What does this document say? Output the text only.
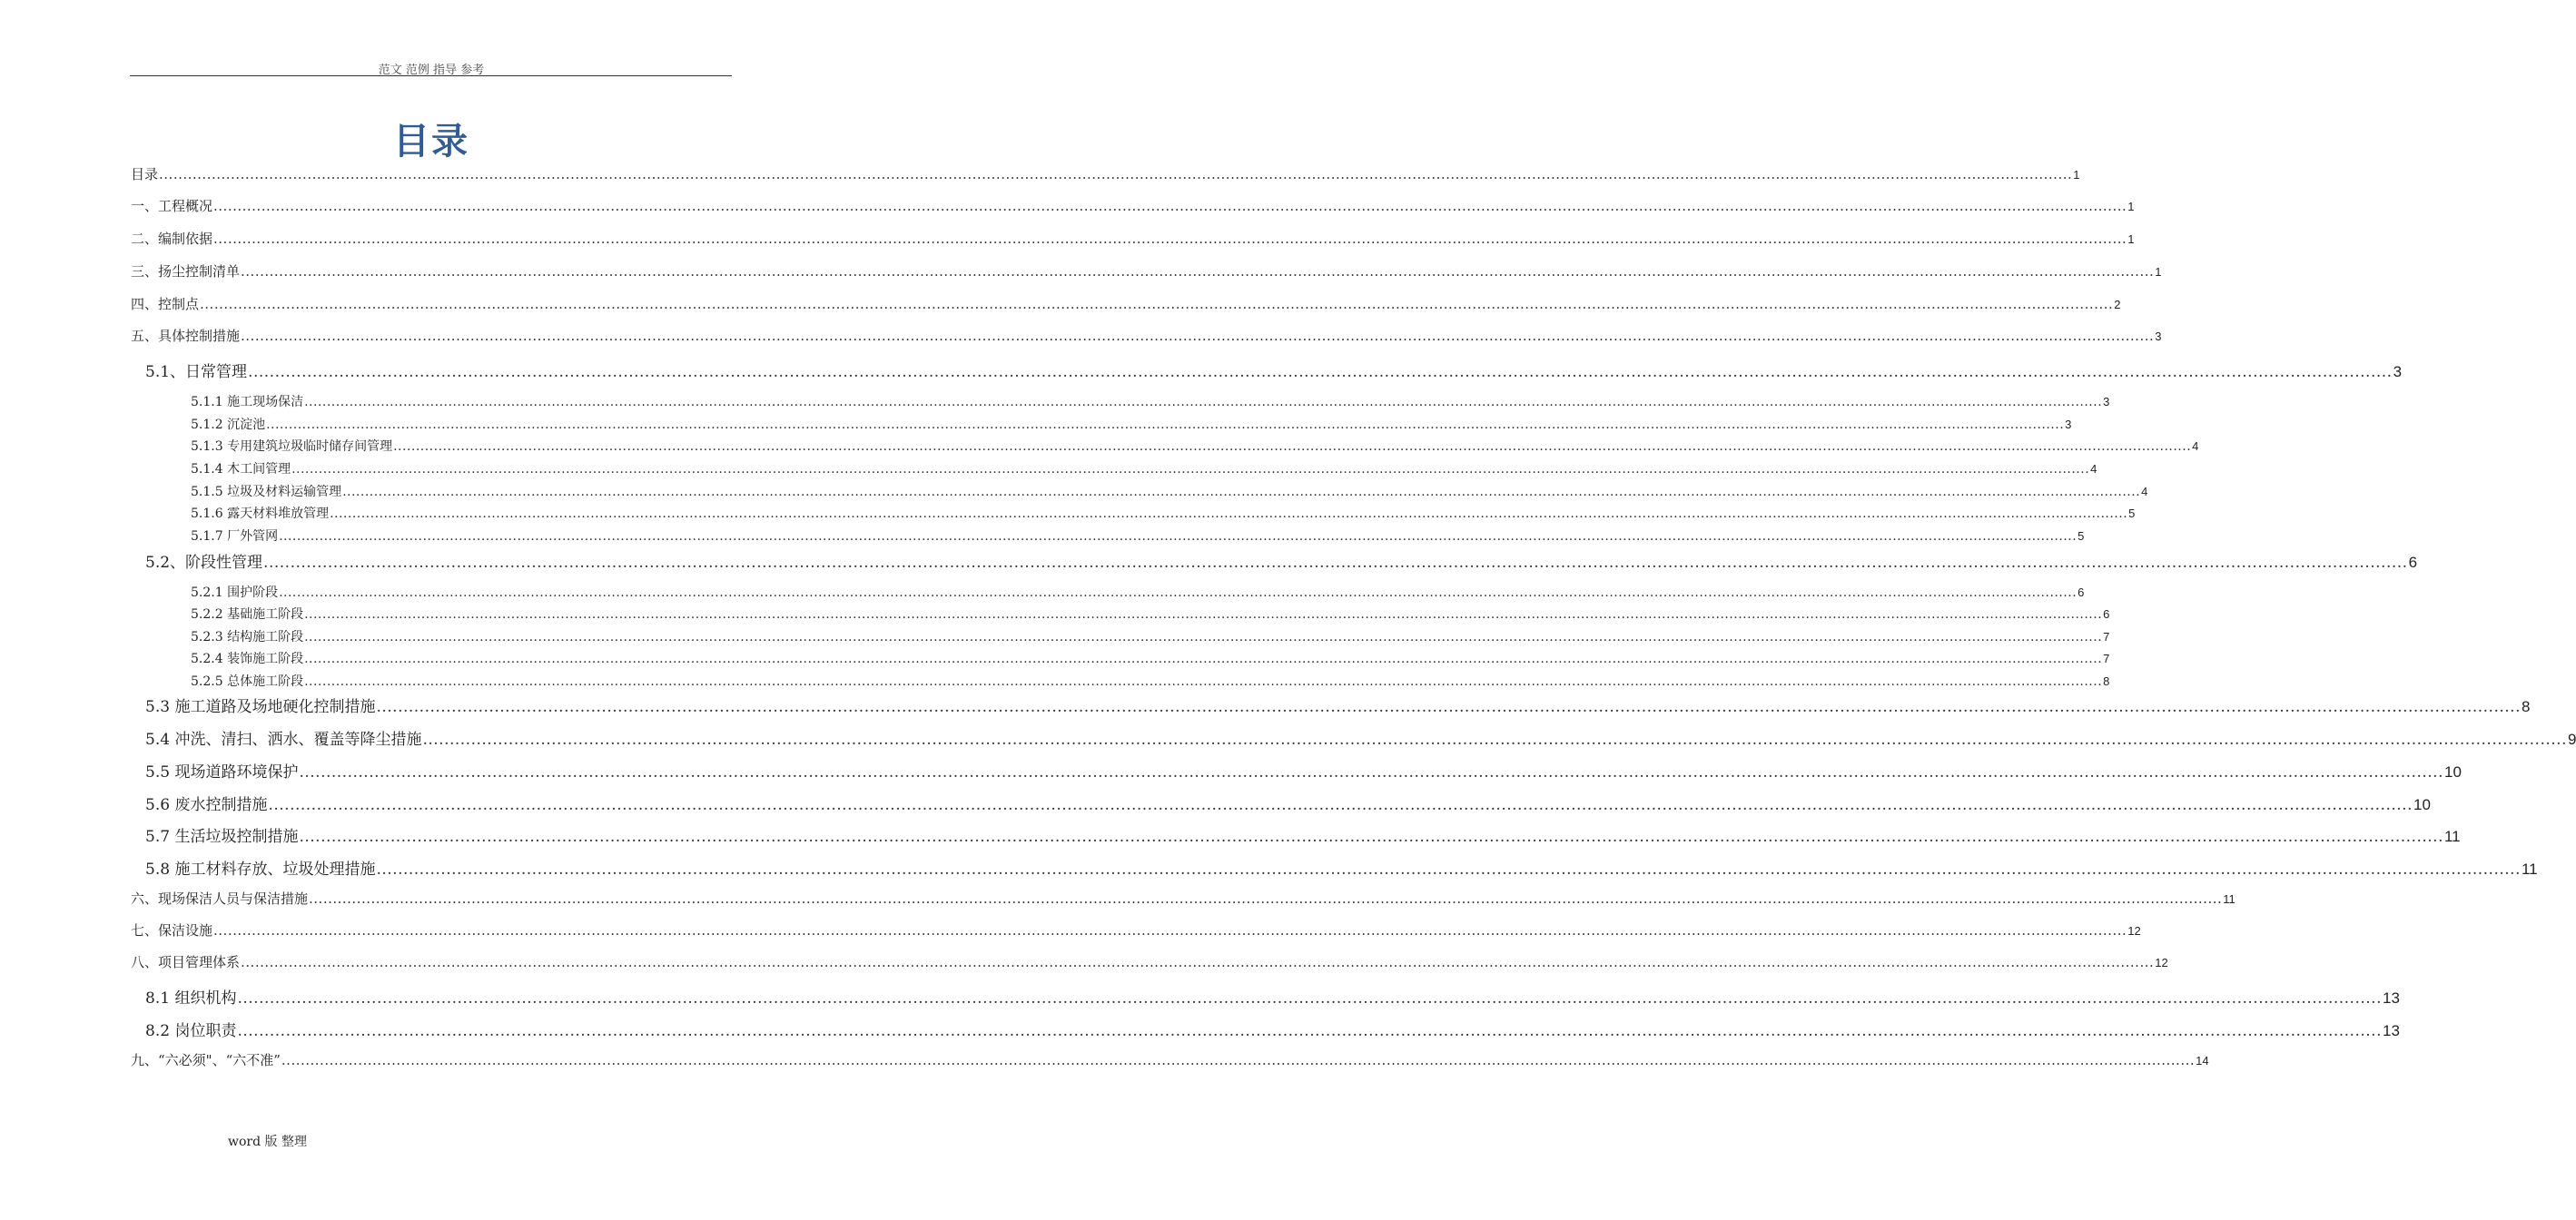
范文 范例 指导 参考
目录
目录 ................................................................................................................................................................................................................................................................................................................................................................................................................ 1
一、工程概况 ................................................................................................................................................................................................................................................................................................................................................................................................................ 1
二、编制依据 ................................................................................................................................................................................................................................................................................................................................................................................................................ 1
三、扬尘控制清单 ................................................................................................................................................................................................................................................................................................................................................................................................................ 1
四、控制点 ................................................................................................................................................................................................................................................................................................................................................................................................................ 2
五、具体控制措施 ................................................................................................................................................................................................................................................................................................................................................................................................................ 3
5.1、日常管理 ................................................................................................................................................................................................................................................................................................................................................................................................................ 3
5.1.1 施工现场保洁 ................................................................................................................................................................................................................................................................................................................................................................................................................ 3
5.1.2 沉淀池 ................................................................................................................................................................................................................................................................................................................................................................................................................ 3
5.1.3 专用建筑垃圾临时储存间管理 ................................................................................................................................................................................................................................................................................................................................................................................................................ 4
5.1.4 木工间管理 ................................................................................................................................................................................................................................................................................................................................................................................................................ 4
5.1.5 垃圾及材料运输管理 ................................................................................................................................................................................................................................................................................................................................................................................................................ 4
5.1.6 露天材料堆放管理 ................................................................................................................................................................................................................................................................................................................................................................................................................ 5
5.1.7 厂外管网 ................................................................................................................................................................................................................................................................................................................................................................................................................ 5
5.2、阶段性管理 ................................................................................................................................................................................................................................................................................................................................................................................................................ 6
5.2.1 围护阶段 ................................................................................................................................................................................................................................................................................................................................................................................................................ 6
5.2.2 基础施工阶段 ................................................................................................................................................................................................................................................................................................................................................................................................................ 6
5.2.3 结构施工阶段 ................................................................................................................................................................................................................................................................................................................................................................................................................ 7
5.2.4 装饰施工阶段 ................................................................................................................................................................................................................................................................................................................................................................................................................ 7
5.2.5 总体施工阶段 ................................................................................................................................................................................................................................................................................................................................................................................................................ 8
5.3 施工道路及场地硬化控制措施 ................................................................................................................................................................................................................................................................................................................................................................................................................ 8
5.4 冲洗、清扫、洒水、覆盖等降尘措施 ................................................................................................................................................................................................................................................................................................................................................................................................................ 9
5.5 现场道路环境保护 ................................................................................................................................................................................................................................................................................................................................................................................................................ 10
5.6 废水控制措施 ................................................................................................................................................................................................................................................................................................................................................................................................................ 10
5.7 生活垃圾控制措施 ................................................................................................................................................................................................................................................................................................................................................................................................................ 11
5.8 施工材料存放、垃圾处理措施 ................................................................................................................................................................................................................................................................................................................................................................................................................ 11
六、现场保洁人员与保洁措施 ................................................................................................................................................................................................................................................................................................................................................................................................................ 11
七、保洁设施 ................................................................................................................................................................................................................................................................................................................................................................................................................ 12
八、项目管理体系 ................................................................................................................................................................................................................................................................................................................................................................................................................ 12
8.1 组织机构 ................................................................................................................................................................................................................................................................................................................................................................................................................ 13
8.2 岗位职责 ................................................................................................................................................................................................................................................................................................................................................................................................................ 13
九、“六必须"、“六不准” ................................................................................................................................................................................................................................................................................................................................................................................................................ 14
word 版 整理
